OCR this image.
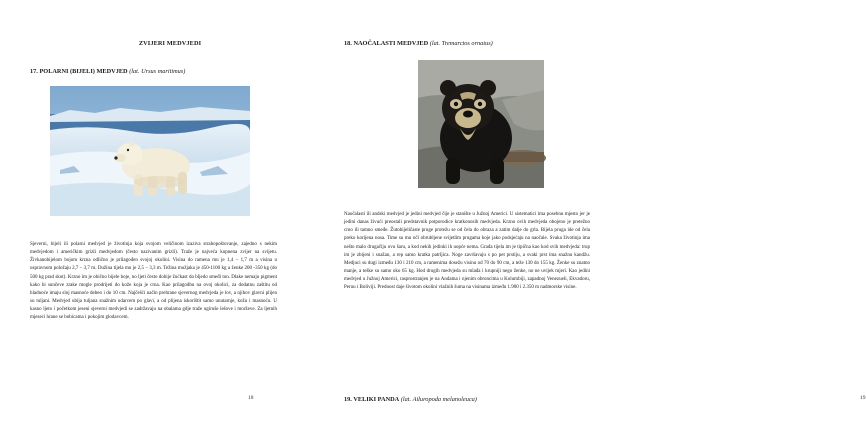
ZVIJERI MEDVJEDI
17. POLARNI (BIJELI) MEDVJED (lat. Ursus maritimus)
Sjeverni, bijeli ili polarni medvjed je životinja koja svojom veličinom izaziva strahopoštovanje, zajedno s nekim medvjedom i američkim grizli medvjedom (često nazivanim grizli). Traže je najveća kopnena zvijer na svijetu. Živkanobijelom bojom krzna odlično je prilagođen svojoj okolini. Visina do ramena mu je 1,4 – 1,7 m a visina u uspravnom položaju 2,7 – 3,7 m. Dužina tijela mu je 2,5 – 3,3 m. Težina mužjaka je 450-1100 kg a ženke 200 -350 kg (do 500 kg prad skot). Krzno im je obično bijele boje, no ljeti često dobije žućkast do bljedo smeđi ton. Dlake nemaju pigment kako bi sunčeve zrake mogle prodrijeti do kože koja je crna. Kao prilagodbu na ovoj okolici, za dodatnu zaštitu od hladnoće imaju sloj masnoće debeo i do 10 cm. Najčešći način prehrane sjevernog medvjeda je lov, a njihov glavni plijen su tuljani. Medvjed ubija tuljana snažnim udarcem po glavi, a od plijena iskorištit samo unutarnje, kožu i masnoću. U kasno ljeto i početkom jeseni sjeverni medvjedi se zadržavaju na obalama gdje traže ugiruše lešove i morževe. Za ljetnih mjeseci hrane se bobicama i pokojim glodavcem.
18
18. NAOČALASTI MEDVJED (lat. Tremarctos ornatus)
Naočalasti ili andski medvjed je jedini medvjed čije je stanište u Južnoj Americi. U sistematici ima posebnu mjesto jer je jedini danas živući preostali predstavnik potporodice kratkonosih medvjeda. Krzno ovih medvjeda obojeno je pretežno crno ili tamno smeđe. Žutobijeličaste pruge protežu se od čela do obraza a zatim dalje do grla. Bijela pruga ide od čela preko korijena nosa. Time su mu oči obrubljene svijetlim prugama koje jako podsjećaju na naočale. Svaka životinja ima nešto malo drugačiju ovu šaru, a kod nekih jedinki ih uopće nema. Građa tijela im je tipična kao kod svih medvjeda: trup im je zbijeni i snažan, a rep samo kratka patrljica. Noge završavaju s po pet prstiju, a svaki prst ima snažnu kandžu. Medjuci su dugi između 130 i 210 cm, a ramenima dosežu visinu od 70 do 90 cm, a teže 130 do 155 kg. Ženke su znatno manje, a teške su samo oko 65 kg. Hod drugih medvjeda su mlađa i krupniji nego ženke, no ne uvijek mjeri. Kao jedini medvjed u Južnoj Americi, rasprostranjen je na Andama i njenim obroncima u Kolumbiji, zapadnoj Venezueli, Ekvadoru, Peruu i Boliviji. Prednost daje šivotom okolini vlažnih šuma na visinama između 1.900 i 2.350 m nadmorske visine.
19. VELIKI PANDA (lat. Ailuropoda melanoleuca)	19
